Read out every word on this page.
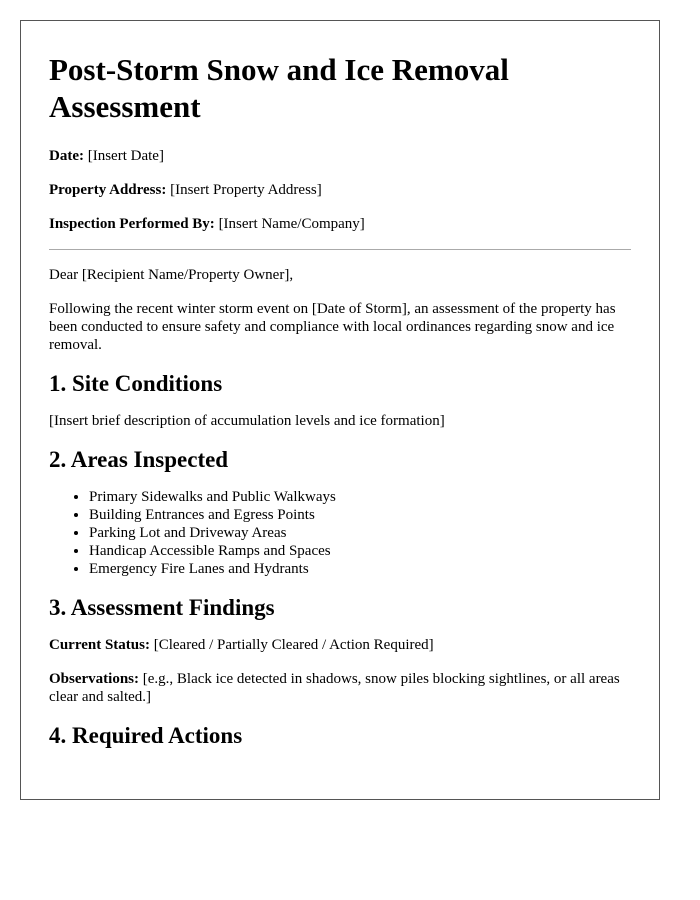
Post-Storm Snow and Ice Removal Assessment

Date: [Insert Date]

Property Address: [Insert Property Address]

Inspection Performed By: [Insert Name/Company]

Dear [Recipient Name/Property Owner],

Following the recent winter storm event on [Date of Storm], an assessment of the property has been conducted to ensure safety and compliance with local ordinances regarding snow and ice removal.

1. Site Conditions

[Insert brief description of accumulation levels and ice formation]

2. Areas Inspected
• Primary Sidewalks and Public Walkways
• Building Entrances and Egress Points
• Parking Lot and Driveway Areas
• Handicap Accessible Ramps and Spaces
• Emergency Fire Lanes and Hydrants
3. Assessment Findings

Current Status: [Cleared / Partially Cleared / Action Required]

Observations: [e.g., Black ice detected in shadows, snow piles blocking sightlines, or all areas clear and salted.]

4. Required Actions
